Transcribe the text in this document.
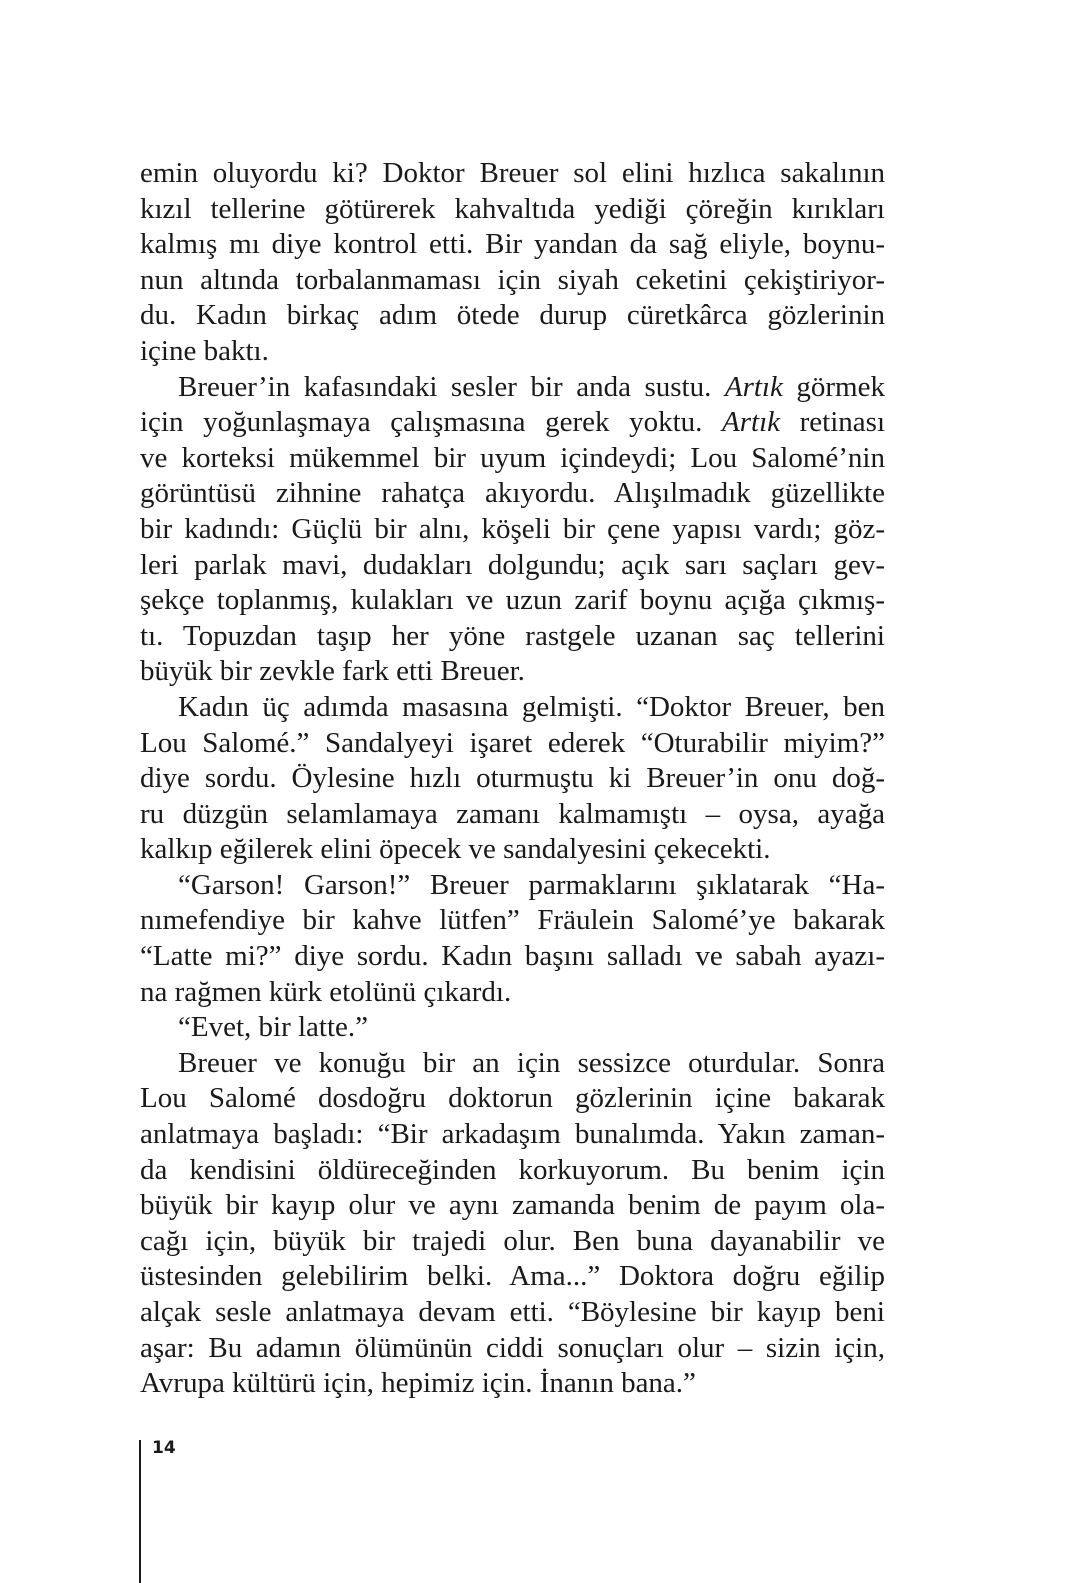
emin oluyordu ki? Doktor Breuer sol elini hızlıca sakalının
kızıl tellerine götürerek kahvaltıda yediği çöreğin kırıkları
kalmış mı diye kontrol etti. Bir yandan da sağ eliyle, boynu-
nun altında torbalanmaması için siyah ceketini çekiştiriyor-
du. Kadın birkaç adım ötede durup cüretkârca gözlerinin
içine baktı.
Breuer’in kafasındaki sesler bir anda sustu. Artık görmek
için yoğunlaşmaya çalışmasına gerek yoktu. Artık retinası
ve korteksi mükemmel bir uyum içindeydi; Lou Salomé’nin
görüntüsü zihnine rahatça akıyordu. Alışılmadık güzellikte
bir kadındı: Güçlü bir alnı, köşeli bir çene yapısı vardı; göz-
leri parlak mavi, dudakları dolgundu; açık sarı saçları gev-
şekçe toplanmış, kulakları ve uzun zarif boynu açığa çıkmış-
tı. Topuzdan taşıp her yöne rastgele uzanan saç tellerini
büyük bir zevkle fark etti Breuer.
Kadın üç adımda masasına gelmişti. “Doktor Breuer, ben
Lou Salomé.” Sandalyeyi işaret ederek “Oturabilir miyim?”
diye sordu. Öylesine hızlı oturmuştu ki Breuer’in onu doğ-
ru düzgün selamlamaya zamanı kalmamıştı – oysa, ayağa
kalkıp eğilerek elini öpecek ve sandalyesini çekecekti.
“Garson! Garson!” Breuer parmaklarını şıklatarak “Ha-
nımefendiye bir kahve lütfen” Fräulein Salomé’ye bakarak
“Latte mi?” diye sordu. Kadın başını salladı ve sabah ayazı-
na rağmen kürk etolünü çıkardı.
“Evet, bir latte.”
Breuer ve konuğu bir an için sessizce oturdular. Sonra
Lou Salomé dosdoğru doktorun gözlerinin içine bakarak
anlatmaya başladı: “Bir arkadaşım bunalımda. Yakın zaman-
da kendisini öldüreceğinden korkuyorum. Bu benim için
büyük bir kayıp olur ve aynı zamanda benim de payım ola-
cağı için, büyük bir trajedi olur. Ben buna dayanabilir ve
üstesinden gelebilirim belki. Ama...” Doktora doğru eğilip
alçak sesle anlatmaya devam etti. “Böylesine bir kayıp beni
aşar: Bu adamın ölümünün ciddi sonuçları olur – sizin için,
Avrupa kültürü için, hepimiz için. İnanın bana.”
14
